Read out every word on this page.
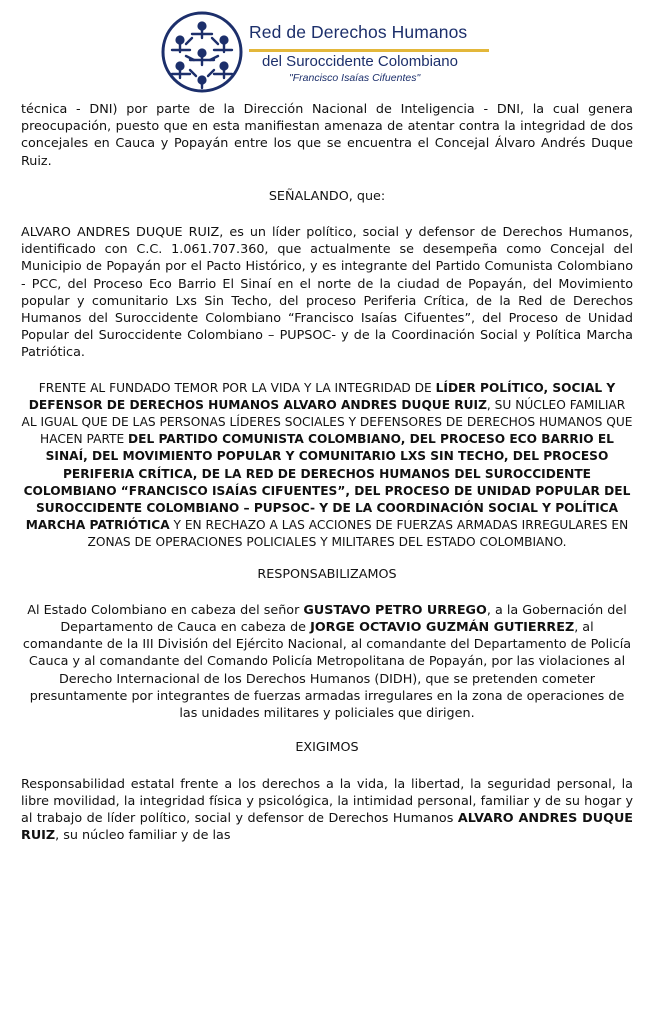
Red de Derechos Humanos
del Suroccidente Colombiano
"Francisco Isaías Cifuentes"

técnica - DNI) por parte de la Dirección Nacional de Inteligencia - DNI, la cual genera preocupación, puesto que en esta manifiestan amenaza de atentar contra la integridad de dos concejales en Cauca y Popayán entre los que se encuentra el Concejal Álvaro Andrés Duque Ruiz.

SEÑALANDO, que:

ALVARO ANDRES DUQUE RUIZ, es un líder político, social y defensor de Derechos Humanos, identificado con C.C. 1.061.707.360, que actualmente se desempeña como Concejal del Municipio de Popayán por el Pacto Histórico, y es integrante del Partido Comunista Colombiano - PCC, del Proceso Eco Barrio El Sinaí en el norte de la ciudad de Popayán, del Movimiento popular y comunitario Lxs Sin Techo, del proceso Periferia Crítica, de la Red de Derechos Humanos del Suroccidente Colombiano “Francisco Isaías Cifuentes”, del Proceso de Unidad Popular del Suroccidente Colombiano – PUPSOC- y de la Coordinación Social y Política Marcha Patriótica.

FRENTE AL FUNDADO TEMOR POR LA VIDA Y LA INTEGRIDAD DE LÍDER POLÍTICO, SOCIAL Y DEFENSOR DE DERECHOS HUMANOS ALVARO ANDRES DUQUE RUIZ, SU NÚCLEO FAMILIAR AL IGUAL QUE DE LAS PERSONAS LÍDERES SOCIALES Y DEFENSORES DE DERECHOS HUMANOS QUE HACEN PARTE DEL PARTIDO COMUNISTA COLOMBIANO, DEL PROCESO ECO BARRIO EL SINAÍ, DEL MOVIMIENTO POPULAR Y COMUNITARIO LXS SIN TECHO, DEL PROCESO PERIFERIA CRÍTICA, DE LA RED DE DERECHOS HUMANOS DEL SUROCCIDENTE COLOMBIANO “FRANCISCO ISAÍAS CIFUENTES”, DEL PROCESO DE UNIDAD POPULAR DEL SUROCCIDENTE COLOMBIANO – PUPSOC- Y DE LA COORDINACIÓN SOCIAL Y POLÍTICA MARCHA PATRIÓTICA Y EN RECHAZO A LAS ACCIONES DE FUERZAS ARMADAS IRREGULARES EN ZONAS DE OPERACIONES POLICIALES Y MILITARES DEL ESTADO COLOMBIANO.

RESPONSABILIZAMOS

Al Estado Colombiano en cabeza del señor GUSTAVO PETRO URREGO, a la Gobernación del Departamento de Cauca en cabeza de JORGE OCTAVIO GUZMÁN GUTIERREZ, al comandante de la III División del Ejército Nacional, al comandante del Departamento de Policía Cauca y al comandante del Comando Policía Metropolitana de Popayán, por las violaciones al Derecho Internacional de los Derechos Humanos (DIDH), que se pretenden cometer presuntamente por integrantes de fuerzas armadas irregulares en la zona de operaciones de las unidades militares y policiales que dirigen.

EXIGIMOS

Responsabilidad estatal frente a los derechos a la vida, la libertad, la seguridad personal, la libre movilidad, la integridad física y psicológica, la intimidad personal, familiar y de su hogar y al trabajo de líder político, social y defensor de Derechos Humanos ALVARO ANDRES DUQUE RUIZ, su núcleo familiar y de las
